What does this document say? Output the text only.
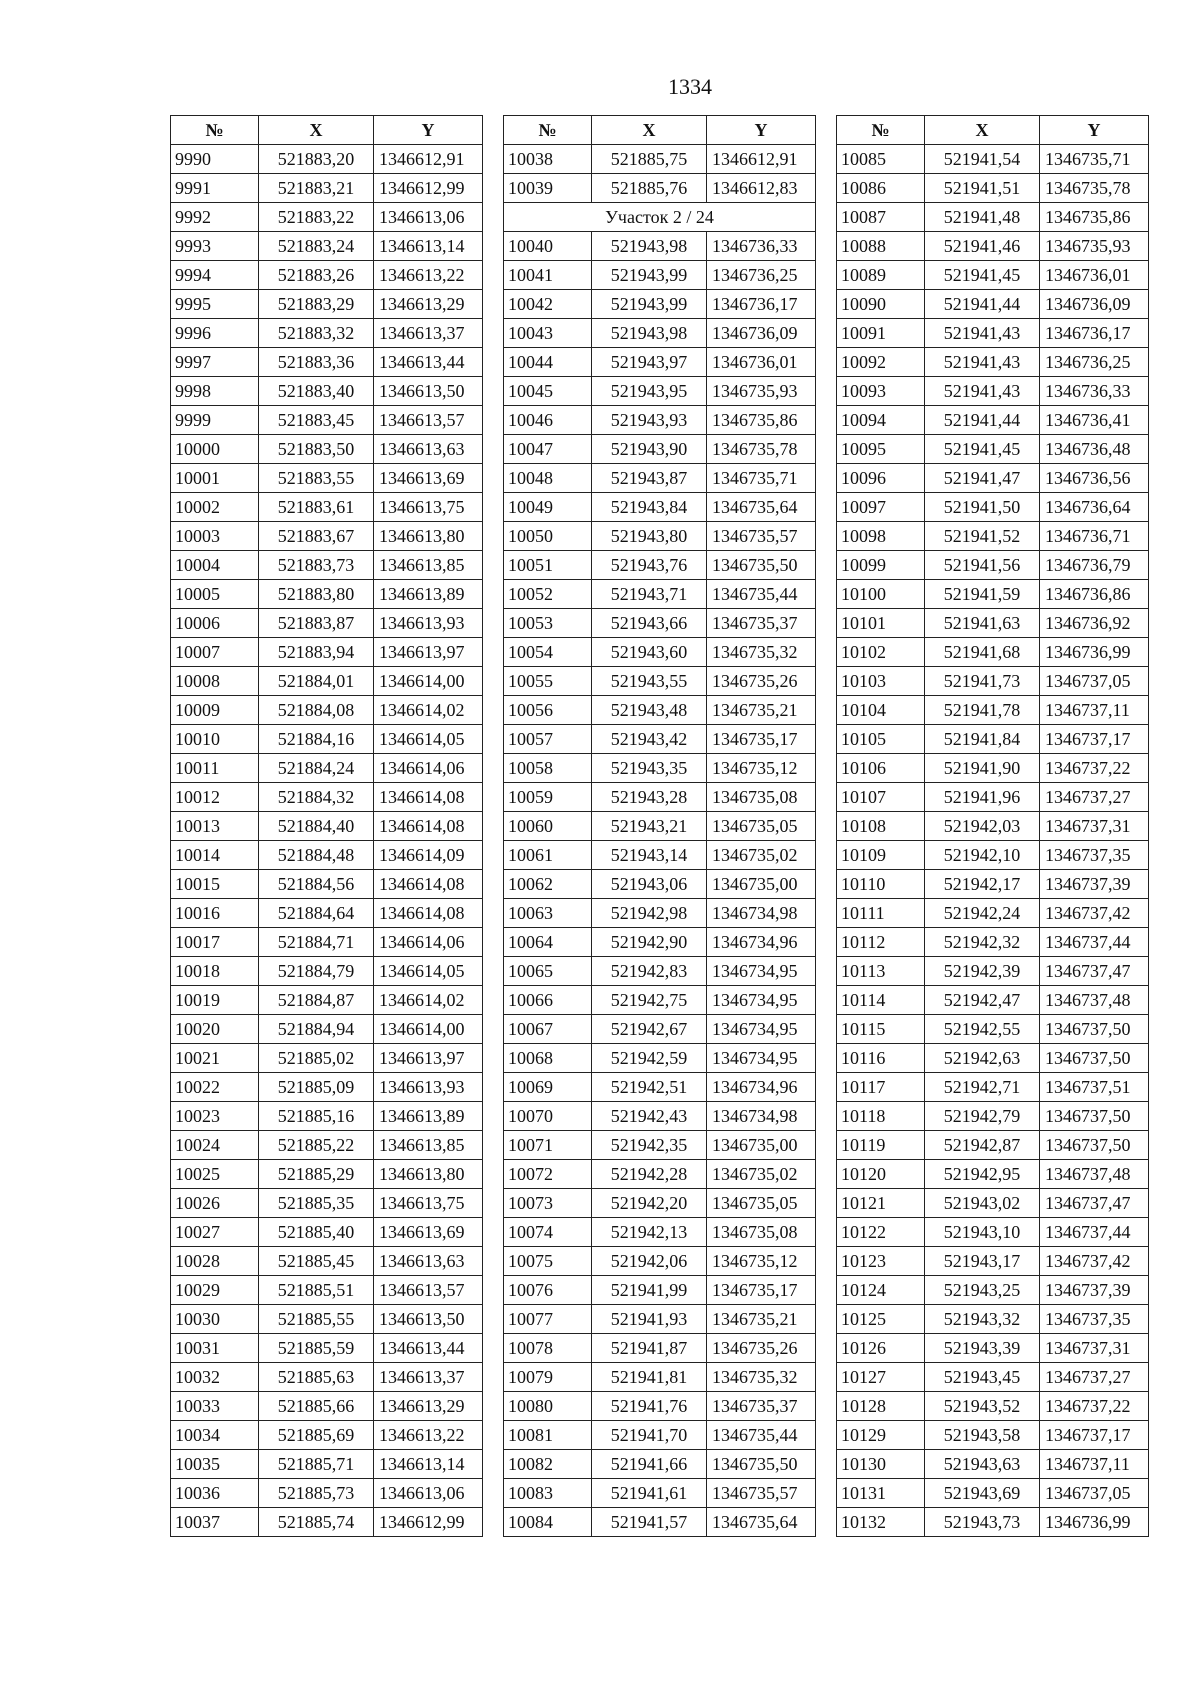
1334
№	X	Y
9990	521883,20	1346612,91
9991	521883,21	1346612,99
9992	521883,22	1346613,06
9993	521883,24	1346613,14
9994	521883,26	1346613,22
9995	521883,29	1346613,29
9996	521883,32	1346613,37
9997	521883,36	1346613,44
9998	521883,40	1346613,50
9999	521883,45	1346613,57
10000	521883,50	1346613,63
10001	521883,55	1346613,69
10002	521883,61	1346613,75
10003	521883,67	1346613,80
10004	521883,73	1346613,85
10005	521883,80	1346613,89
10006	521883,87	1346613,93
10007	521883,94	1346613,97
10008	521884,01	1346614,00
10009	521884,08	1346614,02
10010	521884,16	1346614,05
10011	521884,24	1346614,06
10012	521884,32	1346614,08
10013	521884,40	1346614,08
10014	521884,48	1346614,09
10015	521884,56	1346614,08
10016	521884,64	1346614,08
10017	521884,71	1346614,06
10018	521884,79	1346614,05
10019	521884,87	1346614,02
10020	521884,94	1346614,00
10021	521885,02	1346613,97
10022	521885,09	1346613,93
10023	521885,16	1346613,89
10024	521885,22	1346613,85
10025	521885,29	1346613,80
10026	521885,35	1346613,75
10027	521885,40	1346613,69
10028	521885,45	1346613,63
10029	521885,51	1346613,57
10030	521885,55	1346613,50
10031	521885,59	1346613,44
10032	521885,63	1346613,37
10033	521885,66	1346613,29
10034	521885,69	1346613,22
10035	521885,71	1346613,14
10036	521885,73	1346613,06
10037	521885,74	1346612,99
№	X	Y
10038	521885,75	1346612,91
10039	521885,76	1346612,83
Участок 2 / 24		
10040	521943,98	1346736,33
10041	521943,99	1346736,25
10042	521943,99	1346736,17
10043	521943,98	1346736,09
10044	521943,97	1346736,01
10045	521943,95	1346735,93
10046	521943,93	1346735,86
10047	521943,90	1346735,78
10048	521943,87	1346735,71
10049	521943,84	1346735,64
10050	521943,80	1346735,57
10051	521943,76	1346735,50
10052	521943,71	1346735,44
10053	521943,66	1346735,37
10054	521943,60	1346735,32
10055	521943,55	1346735,26
10056	521943,48	1346735,21
10057	521943,42	1346735,17
10058	521943,35	1346735,12
10059	521943,28	1346735,08
10060	521943,21	1346735,05
10061	521943,14	1346735,02
10062	521943,06	1346735,00
10063	521942,98	1346734,98
10064	521942,90	1346734,96
10065	521942,83	1346734,95
10066	521942,75	1346734,95
10067	521942,67	1346734,95
10068	521942,59	1346734,95
10069	521942,51	1346734,96
10070	521942,43	1346734,98
10071	521942,35	1346735,00
10072	521942,28	1346735,02
10073	521942,20	1346735,05
10074	521942,13	1346735,08
10075	521942,06	1346735,12
10076	521941,99	1346735,17
10077	521941,93	1346735,21
10078	521941,87	1346735,26
10079	521941,81	1346735,32
10080	521941,76	1346735,37
10081	521941,70	1346735,44
10082	521941,66	1346735,50
10083	521941,61	1346735,57
10084	521941,57	1346735,64
№	X	Y
10085	521941,54	1346735,71
10086	521941,51	1346735,78
10087	521941,48	1346735,86
10088	521941,46	1346735,93
10089	521941,45	1346736,01
10090	521941,44	1346736,09
10091	521941,43	1346736,17
10092	521941,43	1346736,25
10093	521941,43	1346736,33
10094	521941,44	1346736,41
10095	521941,45	1346736,48
10096	521941,47	1346736,56
10097	521941,50	1346736,64
10098	521941,52	1346736,71
10099	521941,56	1346736,79
10100	521941,59	1346736,86
10101	521941,63	1346736,92
10102	521941,68	1346736,99
10103	521941,73	1346737,05
10104	521941,78	1346737,11
10105	521941,84	1346737,17
10106	521941,90	1346737,22
10107	521941,96	1346737,27
10108	521942,03	1346737,31
10109	521942,10	1346737,35
10110	521942,17	1346737,39
10111	521942,24	1346737,42
10112	521942,32	1346737,44
10113	521942,39	1346737,47
10114	521942,47	1346737,48
10115	521942,55	1346737,50
10116	521942,63	1346737,50
10117	521942,71	1346737,51
10118	521942,79	1346737,50
10119	521942,87	1346737,50
10120	521942,95	1346737,48
10121	521943,02	1346737,47
10122	521943,10	1346737,44
10123	521943,17	1346737,42
10124	521943,25	1346737,39
10125	521943,32	1346737,35
10126	521943,39	1346737,31
10127	521943,45	1346737,27
10128	521943,52	1346737,22
10129	521943,58	1346737,17
10130	521943,63	1346737,11
10131	521943,69	1346737,05
10132	521943,73	1346736,99
